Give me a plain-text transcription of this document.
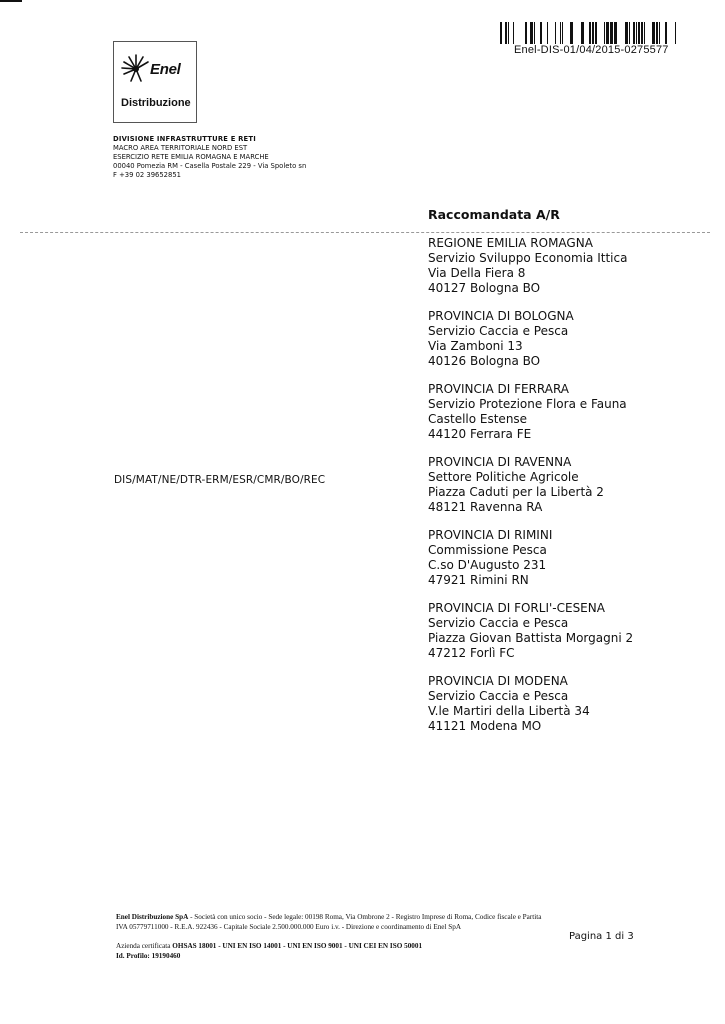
Enel-DIS-01/04/2015-0275577
Enel
Distribuzione
DIVISIONE INFRASTRUTTURE E RETI
MACRO AREA TERRITORIALE NORD EST
ESERCIZIO RETE EMILIA ROMAGNA E MARCHE
00040 Pomezia RM - Casella Postale 229 - Via Spoleto sn
F +39 02 39652851
Raccomandata A/R
REGIONE EMILIA ROMAGNA
Servizio Sviluppo Economia Ittica
Via Della Fiera 8
40127 Bologna BO
PROVINCIA DI BOLOGNA
Servizio Caccia e Pesca
Via Zamboni 13
40126 Bologna BO
PROVINCIA DI FERRARA
Servizio Protezione Flora e Fauna
Castello Estense
44120 Ferrara FE
PROVINCIA DI RAVENNA
Settore Politiche Agricole
Piazza Caduti per la Libertà 2
48121 Ravenna RA
PROVINCIA DI RIMINI
Commissione Pesca
C.so D'Augusto 231
47921 Rimini RN
PROVINCIA DI FORLI'-CESENA
Servizio Caccia e Pesca
Piazza Giovan Battista Morgagni 2
47212 Forlì FC
PROVINCIA DI MODENA
Servizio Caccia e Pesca
V.le Martiri della Libertà 34
41121 Modena MO
DIS/MAT/NE/DTR-ERM/ESR/CMR/BO/REC
Enel Distribuzione SpA - Società con unico socio - Sede legale: 00198 Roma, Via Ombrone 2 - Registro Imprese di Roma, Codice fiscale e Partita
IVA 05779711000 - R.E.A. 922436 - Capitale Sociale 2.500.000.000 Euro i.v. - Direzione e coordinamento di Enel SpA
Azienda certificata OHSAS 18001 - UNI EN ISO 14001 - UNI EN ISO 9001 - UNI CEI EN ISO 50001
Id. Profilo: 19190460
Pagina 1 di 3
